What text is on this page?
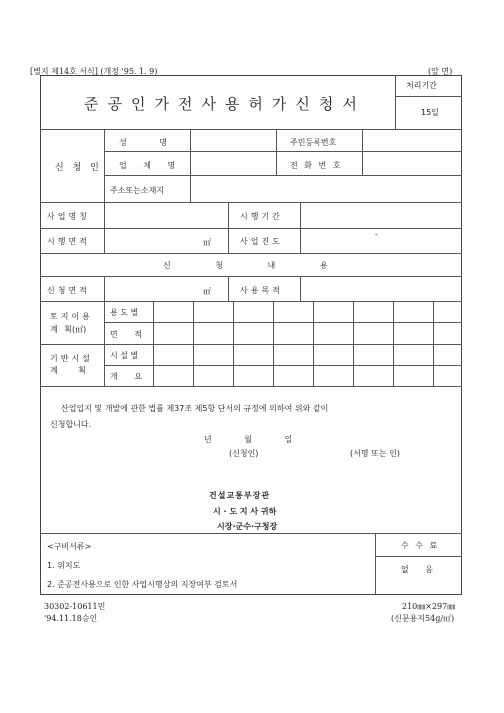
[별지 제14호 서식] (개정 '95. 1. 9)	(앞 면)
준공인가전사용허가신청서
처리기간
15일
신 청 인
성 명	주민등록번호
업 체 명	전 화 번 호
주소또는소재지
사업명칭	시행기간
시행면적	㎡	사업진도
-
신 청 내 용
신청면적	㎡	사용목적
토지이용
계 획(㎡)
용 도 별
면 적
기반시설
계 획
시 설 별
개 요
산업입지 및 개발에 관한 법률 제37조 제5항 단서의 규정에 의하여 위와 같이
신청합니다.
년 월 일
(신청인)	(서명 또는 인)
건설교통부장관
시 · 도 지 사 귀하
시장·군수·구청장
<구비서류>
1. 위치도
2. 준공전사용으로 인한 사업시행상의 지장여부 검토서
수 수 료
없 음
30302-10611민	210㎜×297㎜
'94.11.18승인	(신문용지54g/㎡)
